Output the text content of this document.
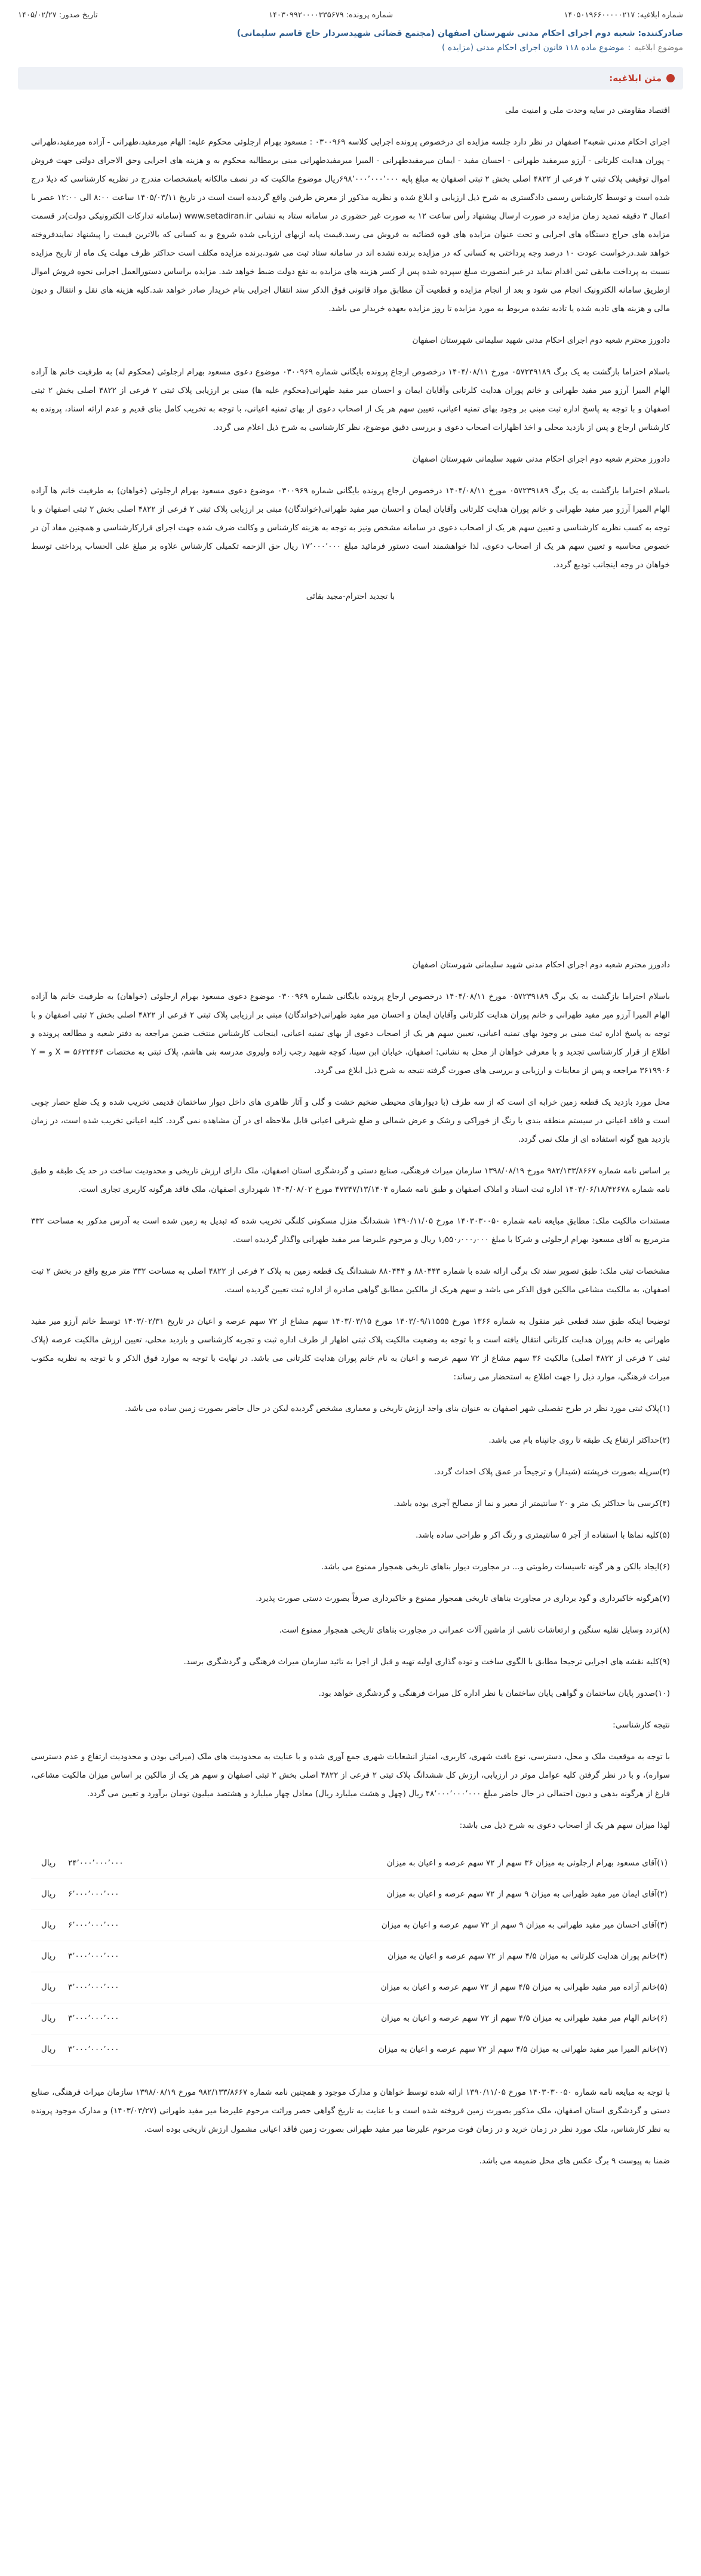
شماره ابلاغیه: ۱۴۰۵۰۱۹۶۶۰۰۰۰۰۲۱۷
شماره پرونده: ۱۴۰۳۰۹۹۲۰۰۰۰۳۳۵۶۷۹
تاریخ صدور: ۱۴۰۵/۰۲/۲۷
صادرکننده: شعبه دوم اجرای احکام مدنی شهرستان اصفهان (مجتمع قضائی شهیدسردار حاج قاسم سلیمانی)
موضوع ابلاغیه
:
موضوع ماده ۱۱۸ قانون اجرای احکام مدنی (مزایده )
متن ابلاغیه:

اقتصاد مقاومتی در سایه وحدت ملی و امنیت ملی

اجرای احکام مدنی شعبه۲ اصفهان در نظر دارد جلسه مزایده ای درخصوص پرونده اجرایی کلاسه ۰۳۰۰۹۶۹ : مسعود بهرام ارجلوئی محکوم علیه: الهام میرمفید،طهرانی - آزاده میرمفید،طهرانی - پوران هدایت کلرتانی - آرزو میرمفید طهرانی - احسان مفید - ایمان میرمفیدطهرانی - المیرا میرمفیدطهرانی مبنی برمطالبه محکوم به و هزینه های اجرایی وحق الاجرای دولتی جهت فروش اموال توقیفی پلاک ثبتی ۲ فرعی از ۴۸۲۲ اصلی بخش ۲ ثبتی اصفهان به مبلغ پایه ۶۹۸٬۰۰۰٬۰۰۰٬۰۰۰ریال موضوع مالکیت که در نصف مالکانه بامشخصات مندرج در نظریه کارشناسی که ذیلا درج شده است و توسط کارشناس رسمی دادگستری به شرح ذیل ارزیابی و ابلاغ شده و نظریه مذکور از معرض طرفین واقع گردیده است است در تاریخ ۱۴۰۵/۰۳/۱۱ ساعت ۸:۰۰ الی ۱۲:۰۰ عصر با اعمال ۳ دقیقه تمدید زمان مزایده در صورت ارسال پیشنهاد رأس ساعت ۱۲ به صورت غیر حضوری در سامانه ستاد به نشانی www.setadiran.ir (سامانه تدارکات الکترونیکی دولت)در قسمت مزایده های حراج دستگاه های اجرایی و تحت عنوان مزایده های قوه قضائیه به فروش می رسد.قیمت پایه ازبهای ارزیابی شده شروع و به کسانی که بالاترین قیمت را پیشنهاد نمایندفروخته خواهد شد.درخواست عودت ۱۰ درصد وجه پرداختی به کسانی که در مزایده برنده نشده اند در سامانه ستاد ثبت می شود.برنده مزایده مکلف است حداکثر ظرف مهلت یک ماه از تاریخ مزایده نسبت به پرداخت مابقی ثمن اقدام نماید در غیر اینصورت مبلغ سپرده شده پس از کسر هزینه های مزایده به نفع دولت ضبط خواهد شد. مزایده براساس دستورالعمل اجرایی نحوه فروش اموال ازطریق سامانه الکترونیک انجام می شود و بعد از انجام مزایده و قطعیت آن مطابق مواد قانونی فوق الذکر سند انتقال اجرایی بنام خریدار صادر خواهد شد.کلیه هزینه های نقل و انتقال و دیون مالی و هزینه های تادیه شده یا تادیه نشده مربوط به مورد مزایده تا روز مزایده بعهده خریدار می باشد.

دادورز محترم شعبه دوم اجرای احکام مدنی شهید سلیمانی شهرستان اصفهان

باسلام احتراما بازگشت به یک برگ ۰۵۷۲۳۹۱۸۹ مورخ ۱۴۰۴/۰۸/۱۱ درخصوص ارجاع پرونده بایگانی شماره ۰۳۰۰۹۶۹ موضوع دعوی مسعود بهرام ارجلوئی (محکوم له) به طرفیت خانم ها آزاده الهام المیرا آرزو میر مفید طهرانی و خانم پوران هدایت کلرتانی وآقایان ایمان و احسان میر مفید طهرانی(محکوم علیه ها) مبنی بر ارزیابی پلاک ثبتی ۲ فرعی از ۴۸۲۲ اصلی بخش ۲ ثبتی اصفهان و با توجه به پاسخ اداره ثبت مبنی بر وجود بهای تمنیه اعیانی، تعیین سهم هر یک از اصحاب دعوی از بهای تمنیه اعیانی، با توجه به تخریب کامل بنای قدیم و عدم ارائه اسناد، پرونده به کارشناس ارجاع و پس از بازدید محلی و اخذ اظهارات اصحاب دعوی و بررسی دقیق موضوع، نظر کارشناسی به شرح ذیل اعلام می گردد.

دادورز محترم شعبه دوم اجرای احکام مدنی شهید سلیمانی شهرستان اصفهان

باسلام احتراما بازگشت به یک برگ ۰۵۷۲۳۹۱۸۹ مورخ ۱۴۰۴/۰۸/۱۱ درخصوص ارجاع پرونده بایگانی شماره ۰۳۰۰۹۶۹ موضوع دعوی مسعود بهرام ارجلوئی (خواهان) به طرفیت خانم ها آزاده الهام المیرا آرزو میر مفید طهرانی و خانم پوران هدایت کلرتانی وآقایان ایمان و احسان میر مفید طهرانی(خواندگان) مبنی بر ارزیابی پلاک ثبتی ۲ فرعی از ۴۸۲۲ اصلی بخش ۲ ثبتی اصفهان و با توجه به کسب نظریه کارشناسی و تعیین سهم هر یک از اصحاب دعوی در سامانه مشخص ونیز به توجه به هزینه کارشناس و وکالت ضرف شده جهت اجرای قرارکارشناسی و همچنین مفاد آن در خصوص محاسبه و تعیین سهم هر یک از اصحاب دعوی، لذا خواهشمند است دستور فرمائید مبلغ ۱۷٬۰۰۰٬۰۰۰ ریال حق الزحمه تکمیلی کارشناس علاوه بر مبلغ علی الحساب پرداختی توسط خواهان در وجه اینجانب تودیع گردد.

با تجدید احترام-مجید بقائی

دادورز محترم شعبه دوم اجرای احکام مدنی شهید سلیمانی شهرستان اصفهان

باسلام احتراما بازگشت به یک برگ ۰۵۷۲۳۹۱۸۹ مورخ ۱۴۰۴/۰۸/۱۱ درخصوص ارجاع پرونده بایگانی شماره ۰۳۰۰۹۶۹ موضوع دعوی مسعود بهرام ارجلوئی (خواهان) به طرفیت خانم ها آزاده الهام المیرا آرزو میر مفید طهرانی و خانم پوران هدایت کلرتانی وآقایان ایمان و احسان میر مفید طهرانی(خواندگان) مبنی بر ارزیابی پلاک ثبتی ۲ فرعی از ۴۸۲۲ اصلی بخش ۲ ثبتی اصفهان و با توجه به پاسخ اداره ثبت مبنی بر وجود بهای تمنیه اعیانی، تعیین سهم هر یک از اصحاب دعوی از بهای تمنیه اعیانی، اینجانب کارشناس منتخب ضمن مراجعه به دفتر شعبه و مطالعه پرونده و اطلاع از قرار کارشناسی تجدید و با معرفی خواهان از محل به نشانی: اصفهان، خیابان ابن سینا، کوچه شهید رجب زاده ولیروی مدرسه بنی هاشم، پلاک ثبتی به مختصات X = ۵۶۲۲۴۶۴ و Y = ۳۶۱۹۹۰۶ مراجعه و پس از معاینات و ارزیابی و بررسی های صورت گرفته نتیجه به شرح ذیل ابلاغ می گردد.

محل مورد بازدید یک قطعه زمین خرابه ای است که از سه طرف (با دیوارهای محیطی ضخیم خشت و گلی و آثار ظاهری های داخل دیوار ساختمان قدیمی تخریب شده و یک ضلع حصار چوبی است و فاقد اعیانی در سیستم منطقه بندی با رنگ از خوراکی و رشک و عرض شمالی و ضلع شرقی اعیانی قابل ملاحظه ای در آن مشاهده نمی گردد. کلیه اعیانی تخریب شده است، در زمان بازدید هیچ گونه استفاده ای از ملک نمی گردد.

بر اساس نامه شماره ۹۸۲/۱۳۳/۸۶۶۷ مورخ ۱۳۹۸/۰۸/۱۹ سازمان میراث فرهنگی، صنایع دستی و گردشگری استان اصفهان، ملک دارای ارزش تاریخی و محدودیت ساخت در حد یک طبقه و طبق نامه شماره ۱۴۰۳/۰۶/۱۸/۴۲۶۷۸ اداره ثبت اسناد و املاک اصفهان و طبق نامه شماره ۴۷۳۴۷/۱۳/۱۴۰۴ مورخ ۱۴۰۴/۰۸/۰۲ شهرداری اصفهان، ملک فاقد هرگونه کاربری تجاری است.

مستندات مالکیت ملک: مطابق مبایعه نامه شماره ۱۴۰۳۰۳۰۰۵۰ مورخ ۱۳۹۰/۱۱/۰۵ ششدانگ منزل مسکونی کلنگی تخریب شده که تبدیل به زمین شده است به آدرس مذکور به مساحت ۳۳۲ مترمربع به آقای مسعود بهرام ارجلوئی و شرکا با مبلغ ۱٫۵۵۰٫۰۰۰٫۰۰۰ ریال و مرحوم علیرضا میر مفید طهرانی واگذار گردیده است.

مشخصات ثبتی ملک: طبق تصویر سند تک برگی ارائه شده با شماره ۸۸۰۴۴۳ و ۸۸۰۴۴۴ ششدانگ یک قطعه زمین به پلاک ۲ فرعی از ۴۸۲۲ اصلی به مساحت ۳۳۲ متر مربع واقع در بخش ۲ ثبت اصفهان، به مالکیت مشاعی مالکین فوق الذکر می باشد و سهم هریک از مالکین مطابق گواهی صادره از اداره ثبت تعیین گردیده است.

توضیحا اینکه طبق سند قطعی غیر منقول به شماره ۱۳۶۶ مورخ ۱۴۰۳/۰۹/۱۱۵۵۵ مورخ ۱۴۰۳/۰۳/۱۵ سهم مشاع از ۷۲ سهم عرصه و اعیان در تاریخ ۱۴۰۳/۰۲/۳۱ توسط خانم آرزو میر مفید طهرانی به خانم پوران هدایت کلرتانی انتقال یافته است و با توجه به وضعیت مالکیت پلاک ثبتی اظهار از طرف اداره ثبت و تجربه کارشناسی و بازدید محلی، تعیین ارزش مالکیت عرصه (پلاک ثبتی ۲ فرعی از ۴۸۲۲ اصلی) مالکیت ۳۶ سهم مشاع از ۷۲ سهم عرصه و اعیان به نام خانم پوران هدایت کلرتانی می باشد. در نهایت با توجه به موارد فوق الذکر و با توجه به نظریه مکتوب میراث فرهنگی، موارد ذیل را جهت اطلاع به استحضار می رساند:

(۱)پلاک ثبتی مورد نظر در طرح تفصیلی شهر اصفهان به عنوان بنای واجد ارزش تاریخی و معماری مشخص گردیده لیکن در حال حاضر بصورت زمین ساده می باشد.

(۲)حداکثر ارتفاع یک طبقه تا روی جانپناه بام می باشد.

(۳)سرپله بصورت خرپشته (شیدار) و ترجیحاً در عمق پلاک احداث گردد.

(۴)کرسی بنا حداکثر یک متر و ۲۰ سانتیمتر از معبر و نما از مصالح آجری بوده باشد.

(۵)کلیه نماها با استفاده از آجر ۵ سانتیمتری و رنگ اکر و طراحی ساده باشد.

(۶)ایجاد بالکن و هر گونه تاسیسات رطوبتی و... در مجاورت دیوار بناهای تاریخی همجوار ممنوع می باشد.

(۷)هرگونه خاکبرداری و گود برداری در مجاورت بناهای تاریخی همجوار ممنوع و خاکبرداری صرفاً بصورت دستی صورت پذیرد.

(۸)تردد وسایل نقلیه سنگین و ارتعاشات ناشی از ماشین آلات عمرانی در مجاورت بناهای تاریخی همجوار ممنوع است.

(۹)کلیه نقشه های اجرایی ترجیحا مطابق با الگوی ساخت و توده گذاری اولیه تهیه و قبل از اجرا به تائید سازمان میراث فرهنگی و گردشگری برسد.

(۱۰)صدور پایان ساختمان و گواهی پایان ساختمان با نظر اداره کل میراث فرهنگی و گردشگری خواهد بود.

نتیجه کارشناسی:

با توجه به موقعیت ملک و محل، دسترسی، نوع بافت شهری، کاربری، امتیاز انشعابات شهری جمع آوری شده و با عنایت به محدودیت های ملک (میراثی بودن و محدودیت ارتفاع و عدم دسترسی سواره)، و با در نظر گرفتن کلیه عوامل موثر در ارزیابی، ارزش کل ششدانگ پلاک ثبتی ۲ فرعی از ۴۸۲۲ اصلی بخش ۲ ثبتی اصفهان و سهم هر یک از مالکین بر اساس میزان مالکیت مشاعی، فارغ از هرگونه بدهی و دیون احتمالی در حال حاضر مبلغ ۴۸٬۰۰۰٬۰۰۰٬۰۰۰ ریال (چهل و هشت میلیارد ریال) معادل چهار میلیارد و هشتصد میلیون تومان برآورد و تعیین می گردد.

لهذا میزان سهم هر یک از اصحاب دعوی به شرح ذیل می باشد:

(۱)آقای مسعود بهرام ارجلوئی به میزان ۳۶ سهم از ۷۲ سهم عرصه و اعیان به میزان	۲۴٬۰۰۰٬۰۰۰٬۰۰۰	ریال
(۲)آقای ایمان میر مفید طهرانی به میزان ۹ سهم از ۷۲ سهم عرصه و اعیان به میزان	۶٬۰۰۰٬۰۰۰٬۰۰۰	ریال
(۳)آقای احسان میر مفید طهرانی به میزان ۹ سهم از ۷۲ سهم عرصه و اعیان به میزان	۶٬۰۰۰٬۰۰۰٬۰۰۰	ریال
(۴)خانم پوران هدایت کلرتانی به میزان ۴/۵ سهم از ۷۲ سهم عرصه و اعیان به میزان	۳٬۰۰۰٬۰۰۰٬۰۰۰	ریال
(۵)خانم آزاده میر مفید طهرانی به میزان ۴/۵ سهم از ۷۲ سهم عرصه و اعیان به میزان	۳٬۰۰۰٬۰۰۰٬۰۰۰	ریال
(۶)خانم الهام میر مفید طهرانی به میزان ۴/۵ سهم از ۷۲ سهم عرصه و اعیان به میزان	۳٬۰۰۰٬۰۰۰٬۰۰۰	ریال
(۷)خانم المیرا میر مفید طهرانی به میزان ۴/۵ سهم از ۷۲ سهم عرصه و اعیان به میزان	۳٬۰۰۰٬۰۰۰٬۰۰۰	ریال

با توجه به مبایعه نامه شماره ۱۴۰۳۰۳۰۰۵۰ مورخ ۱۳۹۰/۱۱/۰۵ ارائه شده توسط خواهان و مدارک موجود و همچنین نامه شماره ۹۸۲/۱۳۳/۸۶۶۷ مورخ ۱۳۹۸/۰۸/۱۹ سازمان میراث فرهنگی، صنایع دستی و گردشگری استان اصفهان، ملک مذکور بصورت زمین فروخته شده است و با عنایت به تاریخ گواهی حصر وراثت مرحوم علیرضا میر مفید طهرانی (۱۴۰۳/۰۳/۲۷) و مدارک موجود پرونده به نظر کارشناس، ملک مورد نظر در زمان خرید و در زمان فوت مرحوم علیرضا میر مفید طهرانی بصورت زمین فاقد اعیانی مشمول ارزش تاریخی بوده است.

ضمنا به پیوست ۹ برگ عکس های محل ضمیمه می باشد.
